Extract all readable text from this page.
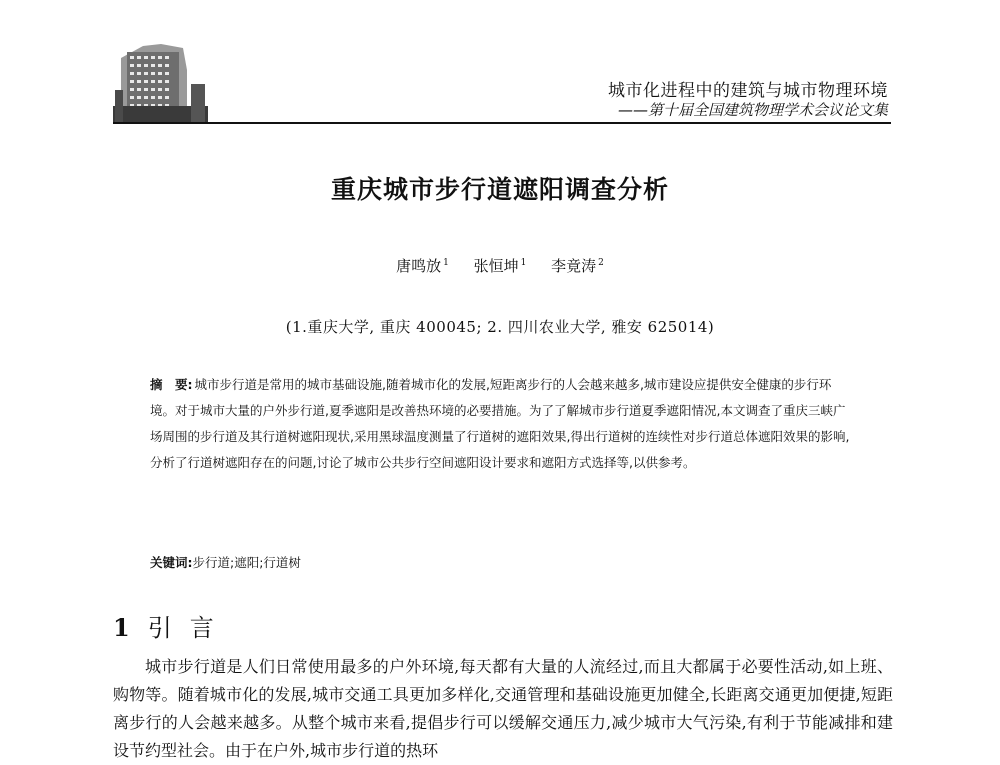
城市化进程中的建筑与城市物理环境
——第十届全国建筑物理学术会议论文集
重庆城市步行道遮阳调查分析
唐鸣放 $^1$ 张恒坤 $^1$ 李竟涛 $^2$
(1.重庆大学, 重庆 400045; 2. 四川农业大学, 雅安 625014)
摘　要: 城市步行道是常用的城市基础设施,随着城市化的发展,短距离步行的人会越来越多,城市建设应提供安全健康的步行环境。对于城市大量的户外步行道,夏季遮阳是改善热环境的必要措施。为了了解城市步行道夏季遮阳情况,本文调查了重庆三峡广场周围的步行道及其行道树遮阳现状,采用黑球温度测量了行道树的遮阳效果,得出行道树的连续性对步行道总体遮阳效果的影响,分析了行道树遮阳存在的问题,讨论了城市公共步行空间遮阳设计要求和遮阳方式选择等,以供参考。
关键词:步行道;遮阳;行道树
1 引言
城市步行道是人们日常使用最多的户外环境,每天都有大量的人流经过,而且大都属于必要性活动,如上班、购物等。随着城市化的发展,城市交通工具更加多样化,交通管理和基础设施更加健全,长距离交通更加便捷,短距离步行的人会越来越多。从整个城市来看,提倡步行可以缓解交通压力,减少城市大气污染,有利于节能减排和建设节约型社会。由于在户外,城市步行道的热环
